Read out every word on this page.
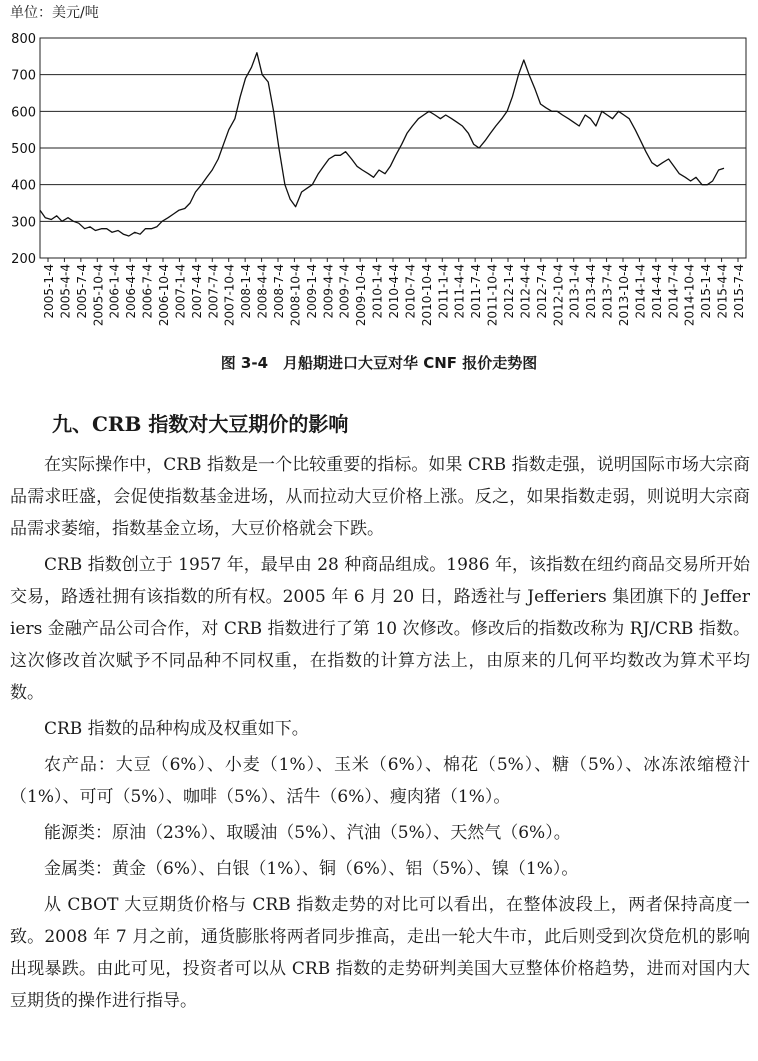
单位：美元/吨
200
300
400
500
600
700
800
2005-1-4 2005-4-4 2005-7-4 2005-10-4 2006-1-4 2006-4-4 2006-7-4 2006-10-4 2007-1-4 2007-4-4 2007-7-4 2007-10-4 2008-1-4 2008-4-4 2008-7-4 2008-10-4 2009-1-4 2009-4-4 2009-7-4 2009-10-4 2010-1-4 2010-4-4 2010-7-4 2010-10-4 2011-1-4 2011-4-4 2011-7-4 2011-10-4 2012-1-4 2012-4-4 2012-7-4 2012-10-4 2013-1-4 2013-4-4 2013-7-4 2013-10-4 2014-1-4 2014-4-4 2014-7-4 2014-10-4 2015-1-4 2015-4-4 2015-7-4
图 3-4　月船期进口大豆对华 CNF 报价走势图
九、CRB 指数对大豆期价的影响

在实际操作中，CRB 指数是一个比较重要的指标。如果 CRB 指数走强，说明国际市场大宗商品需求旺盛，会促使指数基金进场，从而拉动大豆价格上涨。反之，如果指数走弱，则说明大宗商品需求萎缩，指数基金立场，大豆价格就会下跌。

CRB 指数创立于 1957 年，最早由 28 种商品组成。1986 年，该指数在纽约商品交易所开始交易，路透社拥有该指数的所有权。2005 年 6 月 20 日，路透社与 Jefferiers 集团旗下的 Jefferiers 金融产品公司合作，对 CRB 指数进行了第 10 次修改。修改后的指数改称为 RJ/CRB 指数。这次修改首次赋予不同品种不同权重，在指数的计算方法上，由原来的几何平均数改为算术平均数。

CRB 指数的品种构成及权重如下。

农产品：大豆（6%）、小麦（1%）、玉米（6%）、棉花（5%）、糖（5%）、冰冻浓缩橙汁（1%）、可可（5%）、咖啡（5%）、活牛（6%）、瘦肉猪（1%）。

能源类：原油（23%）、取暖油（5%）、汽油（5%）、天然气（6%）。

金属类：黄金（6%）、白银（1%）、铜（6%）、铝（5%）、镍（1%）。

从 CBOT 大豆期货价格与 CRB 指数走势的对比可以看出，在整体波段上，两者保持高度一致。2008 年 7 月之前，通货膨胀将两者同步推高，走出一轮大牛市，此后则受到次贷危机的影响出现暴跌。由此可见，投资者可以从 CRB 指数的走势研判美国大豆整体价格趋势，进而对国内大豆期货的操作进行指导。
